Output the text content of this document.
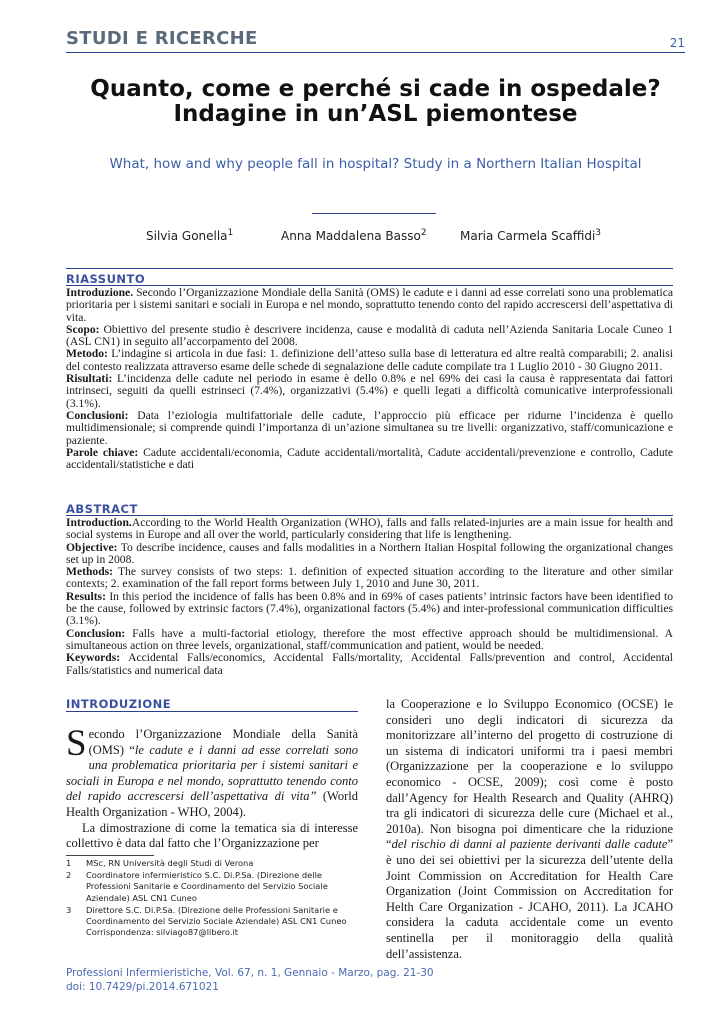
STUDI E RICERCHE	21
Quanto, come e perché si cade in ospedale?
Indagine in un’ASL piemontese
What, how and why people fall in hospital? Study in a Northern Italian Hospital
Silvia Gonella$^1$	Anna Maddalena Basso$^2$	Maria Carmela Scaffidi$^3$
RIASSUNTO

Introduzione. Secondo l’Organizzazione Mondiale della Sanità (OMS) le cadute e i danni ad esse correlati sono una problematica prioritaria per i sistemi sanitari e sociali in Europa e nel mondo, soprattutto tenendo conto del rapido accrescersi dell’aspettativa di vita.

Scopo: Obiettivo del presente studio è descrivere incidenza, cause e modalità di caduta nell’Azienda Sanitaria Locale Cuneo 1 (ASL CN1) in seguito all’accorpamento del 2008.

Metodo: L’indagine si articola in due fasi: 1. definizione dell’atteso sulla base di letteratura ed altre realtà comparabili; 2. analisi del contesto realizzata attraverso esame delle schede di segnalazione delle cadute compilate tra 1 Luglio 2010 - 30 Giugno 2011.

Risultati: L’incidenza delle cadute nel periodo in esame è dello 0.8% e nel 69% dei casi la causa è rappresentata dai fattori intrinseci, seguiti da quelli estrinseci (7.4%), organizzativi (5.4%) e quelli legati a difficoltà comunicative interprofessionali (3.1%).

Conclusioni: Data l’eziologia multifattoriale delle cadute, l’approccio più efficace per ridurne l’incidenza è quello multidimensionale; si comprende quindi l’importanza di un’azione simultanea su tre livelli: organizzativo, staff/comunicazione e paziente.

Parole chiave: Cadute accidentali/economia, Cadute accidentali/mortalità, Cadute accidentali/prevenzione e controllo, Cadute accidentali/statistiche e dati

ABSTRACT

Introduction.According to the World Health Organization (WHO), falls and falls related-injuries are a main issue for health and social systems in Europe and all over the world, particularly considering that life is lengthening.

Objective: To describe incidence, causes and falls modalities in a Northern Italian Hospital following the organizational changes set up in 2008.

Methods: The survey consists of two steps: 1. definition of expected situation according to the literature and other similar contexts; 2. examination of the fall report forms between July 1, 2010 and June 30, 2011.

Results: In this period the incidence of falls has been 0.8% and in 69% of cases patients’ intrinsic factors have been identified to be the cause, followed by extrinsic factors (7.4%), organizational factors (5.4%) and inter-professional communication difficulties (3.1%).

Conclusion: Falls have a multi-factorial etiology, therefore the most effective approach should be multidimensional. A simultaneous action on three levels, organizational, staff/communication and patient, would be needed.

Keywords: Accidental Falls/economics, Accidental Falls/mortality, Accidental Falls/prevention and control, Accidental Falls/statistics and numerical data

INTRODUZIONE

Secondo l’Organizzazione Mondiale della Sanità (OMS) “le cadute e i danni ad esse correlati sono una problematica prioritaria per i sistemi sanitari e sociali in Europa e nel mondo, soprattutto tenendo conto del rapido accrescersi dell’aspettativa di vita” (World Health Organization - WHO, 2004).

La dimostrazione di come la tematica sia di interesse collettivo è data dal fatto che l’Organizzazione per

1	MSc, RN Università degli Studi di Verona
2	Coordinatore infermieristico S.C. Di.P.Sa. (Direzione delle Professioni Sanitarie e Coordinamento del Servizio Sociale Aziendale) ASL CN1 Cuneo
3	Direttore S.C. Di.P.Sa. (Direzione delle Professioni Sanitarie e Coordinamento del Servizio Sociale Aziendale) ASL CN1 Cuneo Corrispondenza: silviago87@libero.it

la Cooperazione e lo Sviluppo Economico (OCSE) le consideri uno degli indicatori di sicurezza da monitorizzare all’interno del progetto di costruzione di un sistema di indicatori uniformi tra i paesi membri (Organizzazione per la cooperazione e lo sviluppo economico - OCSE, 2009); così come è posto dall’Agency for Health Research and Quality (AHRQ) tra gli indicatori di sicurezza delle cure (Michael et al., 2010a). Non bisogna poi dimenticare che la riduzione “del rischio di danni al paziente derivanti dalle cadute” è uno dei sei obiettivi per la sicurezza dell’utente della Joint Commission on Accreditation for Health Care Organization (Joint Commission on Accreditation for Helth Care Organization - JCAHO, 2011). La JCAHO considera la caduta accidentale come un evento sentinella per il monitoraggio della qualità dell’assistenza.

Professioni Infermieristiche, Vol. 67, n. 1, Gennaio - Marzo, pag. 21-30
doi: 10.7429/pi.2014.671021
